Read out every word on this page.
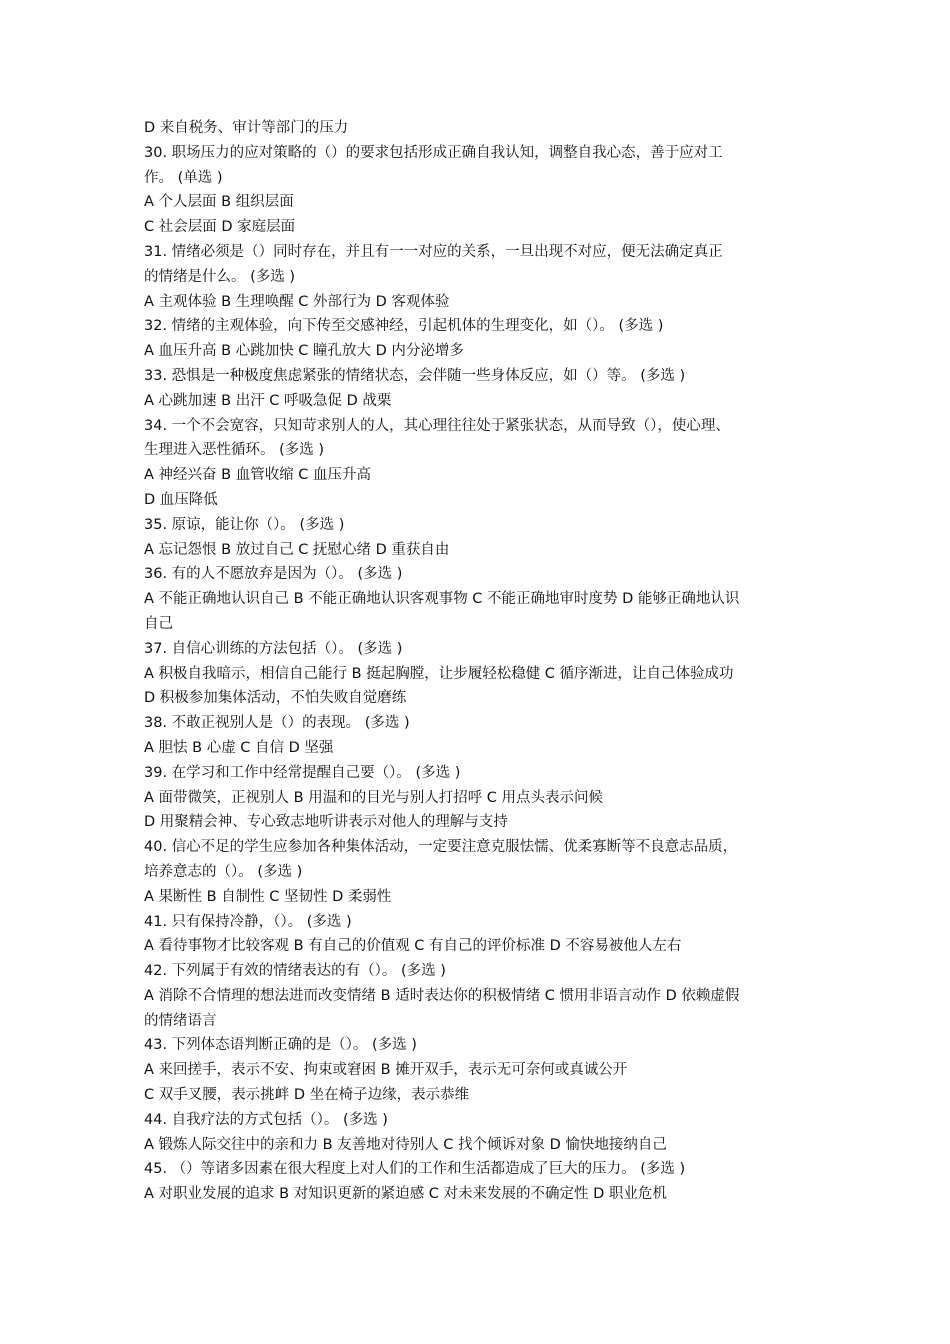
D 来自税务、审计等部门的压力
30. 职场压力的应对策略的（）的要求包括形成正确自我认知，调整自我心态，善于应对工
作。 (单选 )
A 个人层面 B 组织层面
C 社会层面 D 家庭层面
31. 情绪必须是（）同时存在，并且有一一对应的关系，一旦出现不对应，便无法确定真正
的情绪是什么。 (多选 )
A 主观体验 B 生理唤醒 C 外部行为 D 客观体验
32. 情绪的主观体验，向下传至交感神经，引起机体的生理变化，如（）。 (多选 )
A 血压升高 B 心跳加快 C 瞳孔放大 D 内分泌增多
33. 恐惧是一种极度焦虑紧张的情绪状态，会伴随一些身体反应，如（）等。 (多选 )
A 心跳加速 B 出汗 C 呼吸急促 D 战栗
34. 一个不会宽容，只知苛求别人的人，其心理往往处于紧张状态，从而导致（），使心理、
生理进入恶性循环。 (多选 )
A 神经兴奋 B 血管收缩 C 血压升高
D 血压降低
35. 原谅，能让你（）。 (多选 )
A 忘记怨恨 B 放过自己 C 抚慰心绪 D 重获自由
36. 有的人不愿放弃是因为（）。 (多选 )
A 不能正确地认识自己 B 不能正确地认识客观事物 C 不能正确地审时度势 D 能够正确地认识
自己
37. 自信心训练的方法包括（）。 (多选 )
A 积极自我暗示，相信自己能行 B 挺起胸膛，让步履轻松稳健 C 循序渐进，让自己体验成功
D 积极参加集体活动，不怕失败自觉磨练
38. 不敢正视别人是（）的表现。 (多选 )
A 胆怯 B 心虚 C 自信 D 坚强
39. 在学习和工作中经常提醒自己要（）。 (多选 )
A 面带微笑，正视别人 B 用温和的目光与别人打招呼 C 用点头表示问候
D 用聚精会神、专心致志地听讲表示对他人的理解与支持
40. 信心不足的学生应参加各种集体活动，一定要注意克服怯懦、优柔寡断等不良意志品质，
培养意志的（）。 (多选 )
A 果断性 B 自制性 C 坚韧性 D 柔弱性
41. 只有保持冷静，（）。 (多选 )
A 看待事物才比较客观 B 有自己的价值观 C 有自己的评价标准 D 不容易被他人左右
42. 下列属于有效的情绪表达的有（）。 (多选 )
A 消除不合情理的想法进而改变情绪 B 适时表达你的积极情绪 C 惯用非语言动作 D 依赖虚假
的情绪语言
43. 下列体态语判断正确的是（）。 (多选 )
A 来回搓手，表示不安、拘束或窘困 B 摊开双手，表示无可奈何或真诚公开
C 双手叉腰，表示挑衅 D 坐在椅子边缘，表示恭维
44. 自我疗法的方式包括（）。 (多选 )
A 锻炼人际交往中的亲和力 B 友善地对待别人 C 找个倾诉对象 D 愉快地接纳自己
45. （）等诸多因素在很大程度上对人们的工作和生活都造成了巨大的压力。 (多选 )
A 对职业发展的追求 B 对知识更新的紧迫感 C 对未来发展的不确定性 D 职业危机
